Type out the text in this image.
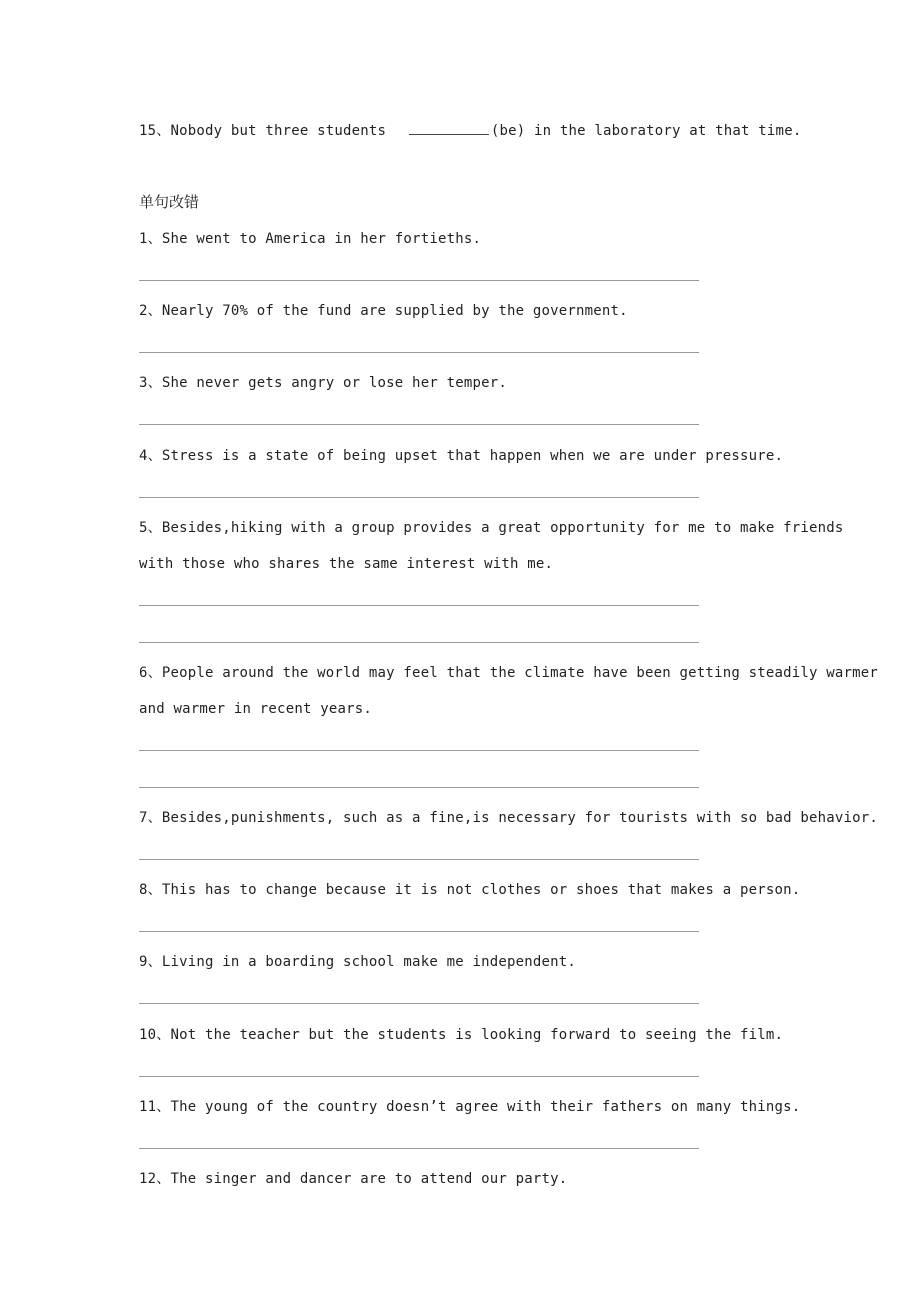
15、Nobody but three students	(be) in the laboratory at that time.
单句改错
1、She went to America in her fortieths.
2、Nearly 70% of the fund are supplied by the government.
3、She never gets angry or lose her temper.
4、Stress is a state of being upset that happen when we are under pressure.
5、Besides,hiking with a group provides a great opportunity for me to make friends
with those who shares the same interest with me.
6、People around the world may feel that the climate have been getting steadily warmer
and warmer in recent years.
7、Besides,punishments, such as a fine,is necessary for tourists with so bad behavior.
8、This has to change because it is not clothes or shoes that makes a person.
9、Living in a boarding school make me independent.
10、Not the teacher but the students is looking forward to seeing the film.
11、The young of the country doesn’t agree with their fathers on many things.
12、The singer and dancer are to attend our party.
